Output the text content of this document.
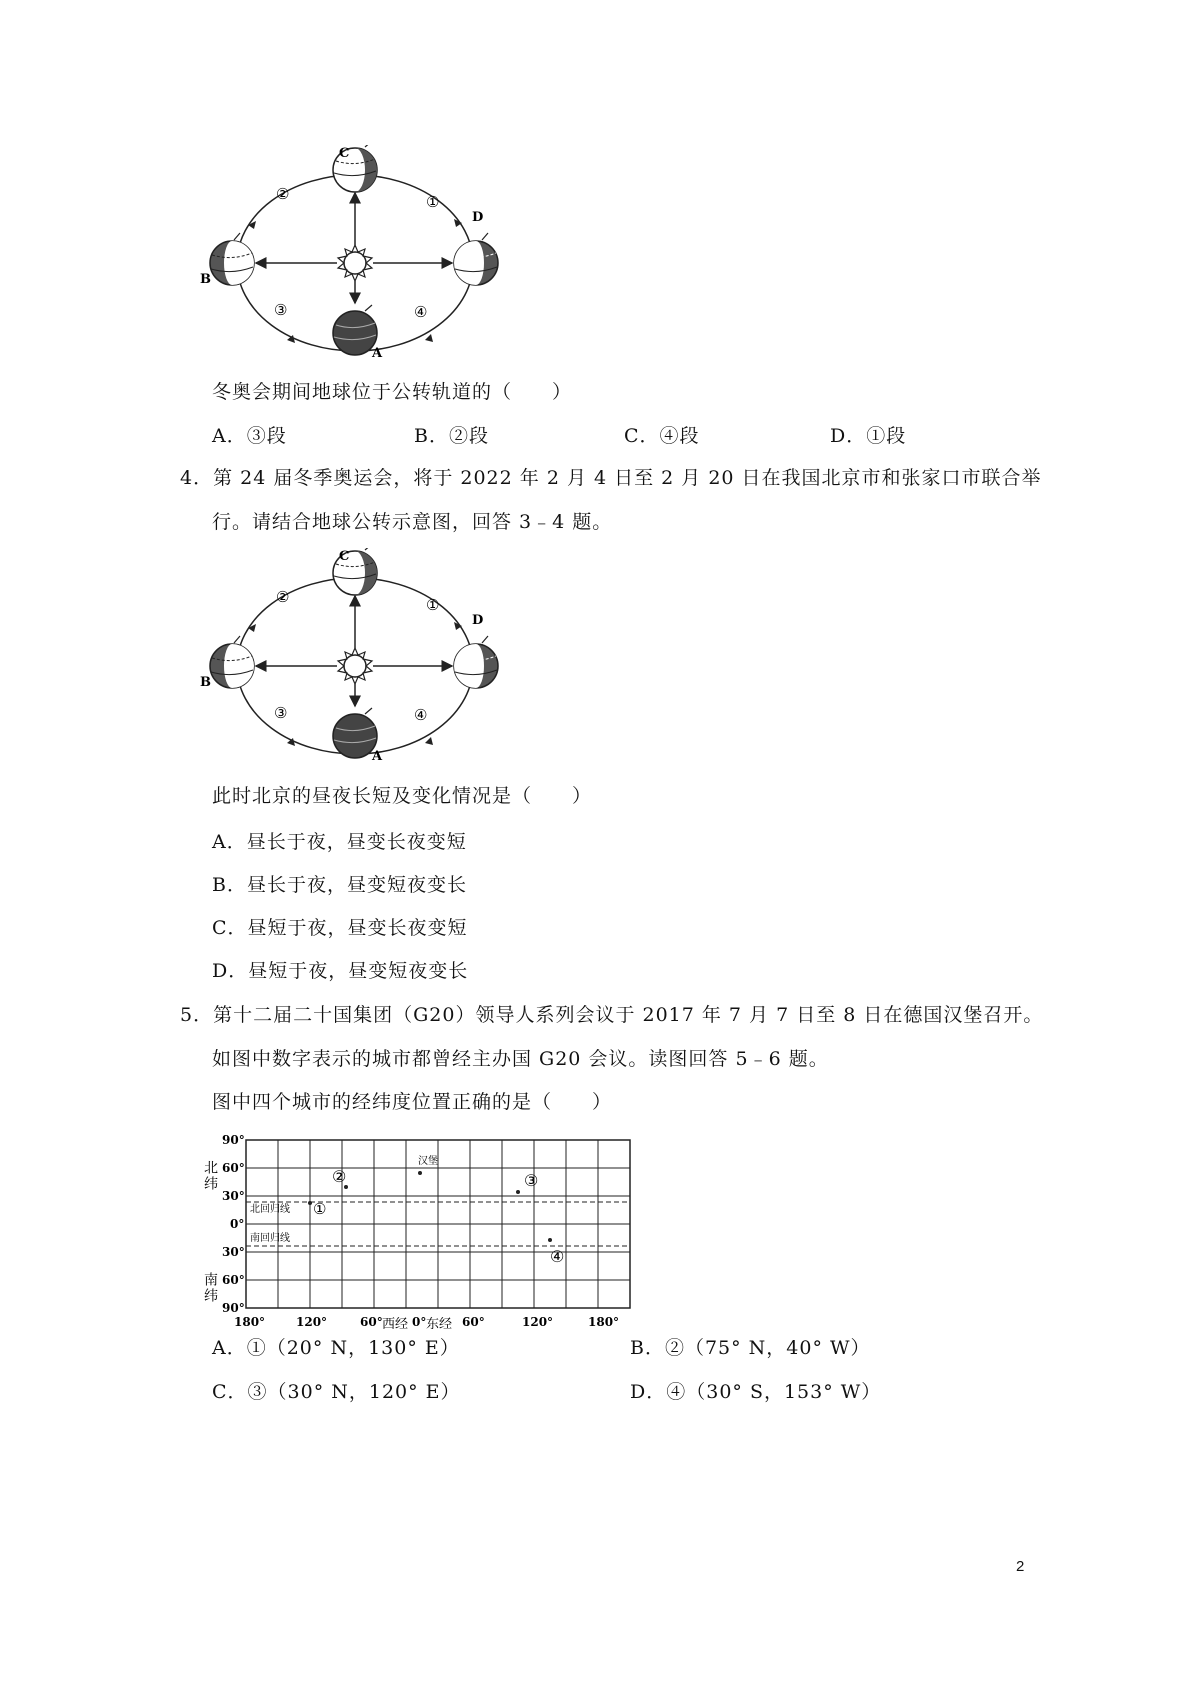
C
D
B
A
①
②
③	④
冬奥会期间地球位于公转轨道的（　　）
A．③段	B．②段	C．④段	D．①段
4．第 24 届冬季奥运会，将于 2022 年 2 月 4 日至 2 月 20 日在我国北京市和张家口市联合举
行。请结合地球公转示意图，回答 3﹣4 题。
C
D
B
A
①
②
③	④
此时北京的昼夜长短及变化情况是（　　）
A．昼长于夜，昼变长夜变短
B．昼长于夜，昼变短夜变长
C．昼短于夜，昼变长夜变短
D．昼短于夜，昼变短夜变长
5．第十二届二十国集团（G20）领导人系列会议于 2017 年 7 月 7 日至 8 日在德国汉堡召开。
如图中数字表示的城市都曾经主办国 G20 会议。读图回答 5﹣6 题。
图中四个城市的经纬度位置正确的是（　　）
90°
60°
30°
0°
30°
60°
90°
北纬
南纬
北回归线
南回归线
①
②
汉堡
③
④
180°	120°	60° 西经 0° 东经 60°	120°	180°
A．①（20° N，130° E）	B．②（75° N，40° W）
C．③（30° N，120° E）	D．④（30° S，153° W）
2
